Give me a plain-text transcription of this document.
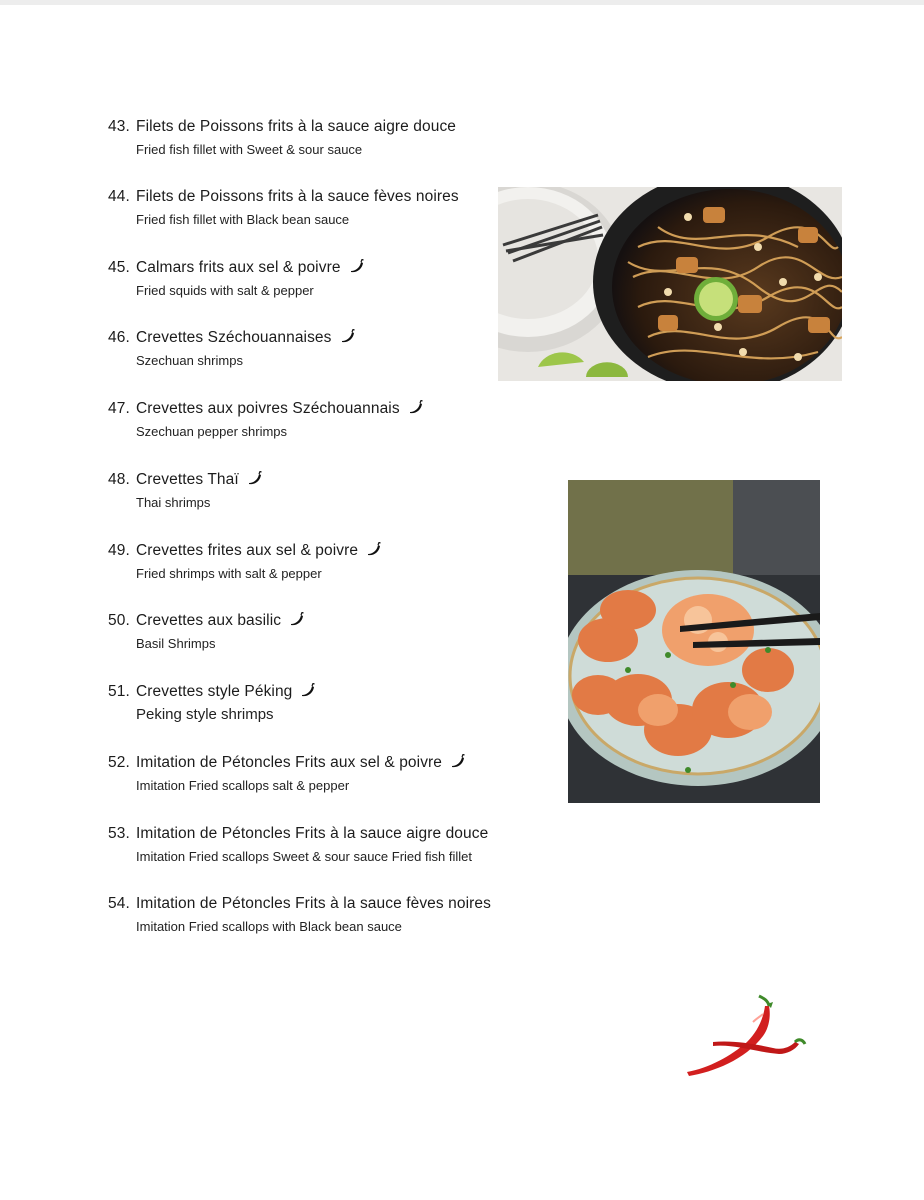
43. Filets de Poissons frits à la sauce aigre douce
Fried fish fillet with Sweet & sour sauce
44. Filets de Poissons frits à la sauce fèves noires
Fried fish fillet with Black bean sauce
45. Calmars frits aux sel & poivre
Fried squids with salt & pepper
46. Crevettes Széchouannaises
Szechuan shrimps
47. Crevettes aux poivres Széchouannais
Szechuan pepper shrimps
48. Crevettes Thaï
Thai shrimps
49. Crevettes frites aux sel & poivre
Fried shrimps with salt & pepper
50. Crevettes aux basilic
Basil Shrimps
51. Crevettes style Péking
Peking style shrimps
52. Imitation de Pétoncles Frits aux sel & poivre
Imitation Fried scallops salt & pepper
53. Imitation de Pétoncles Frits à la sauce aigre douce
Imitation Fried scallops Sweet & sour sauce Fried fish fillet
54. Imitation de Pétoncles Frits à la sauce fèves noires
Imitation Fried scallops with Black bean sauce
